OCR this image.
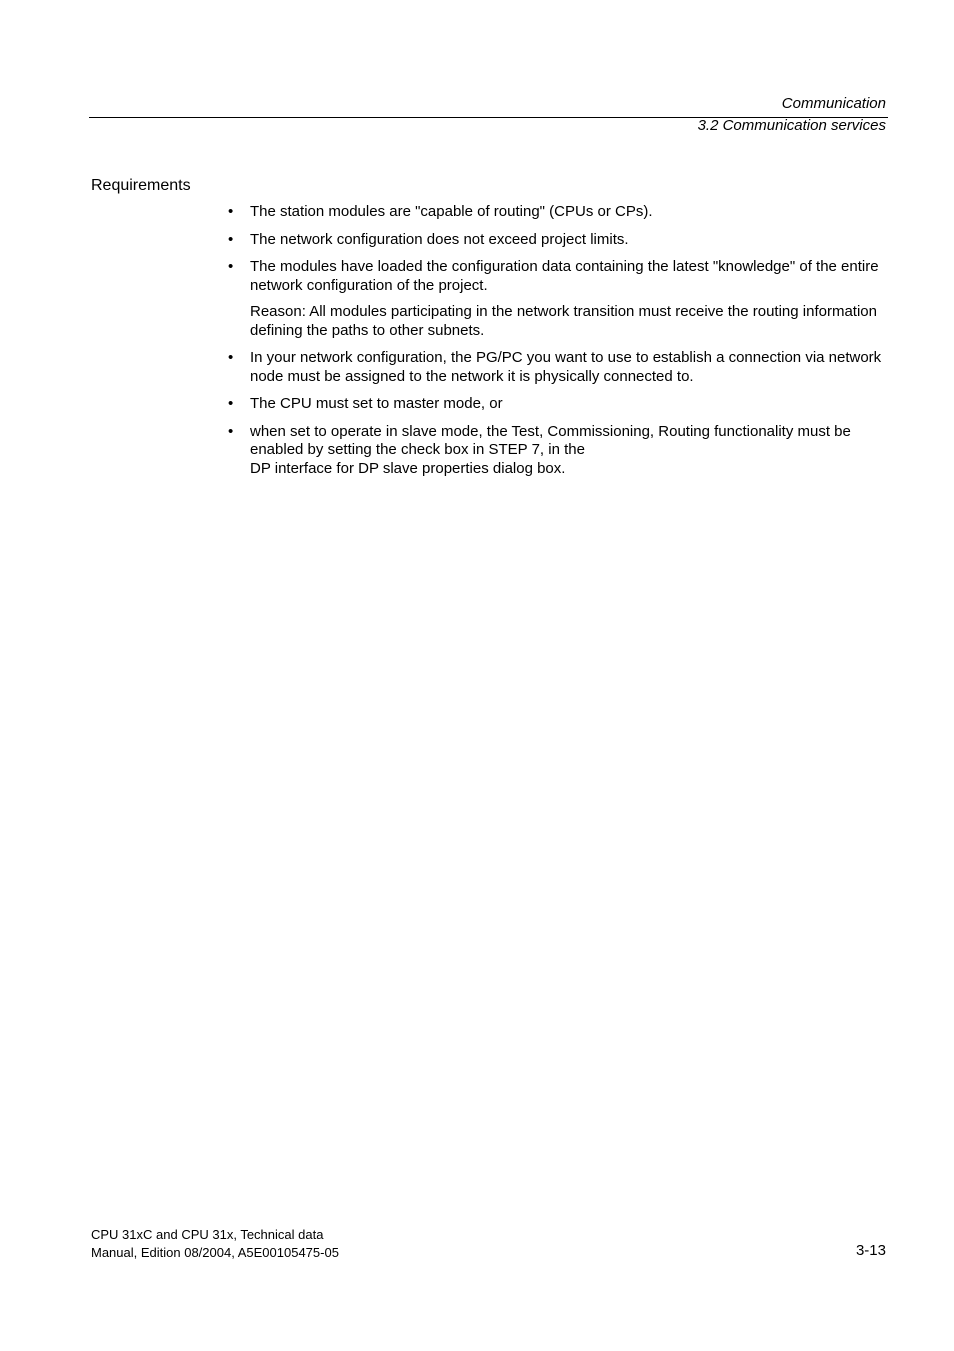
Communication
3.2 Communication services
Requirements
•	The station modules are "capable of routing" (CPUs or CPs).
•	The network configuration does not exceed project limits.
•	The modules have loaded the configuration data containing the latest "knowledge" of the entire network configuration of the project.
Reason: All modules participating in the network transition must receive the routing information defining the paths to other subnets.
•	In your network configuration, the PG/PC you want to use to establish a connection via network node must be assigned to the network it is physically connected to.
•	The CPU must set to master mode, or
•	when set to operate in slave mode, the Test, Commissioning, Routing functionality must be enabled by setting the check box in STEP 7, in the
DP interface for DP slave properties dialog box.
CPU 31xC and CPU 31x, Technical data
Manual, Edition 08/2004, A5E00105475-05	3-13
